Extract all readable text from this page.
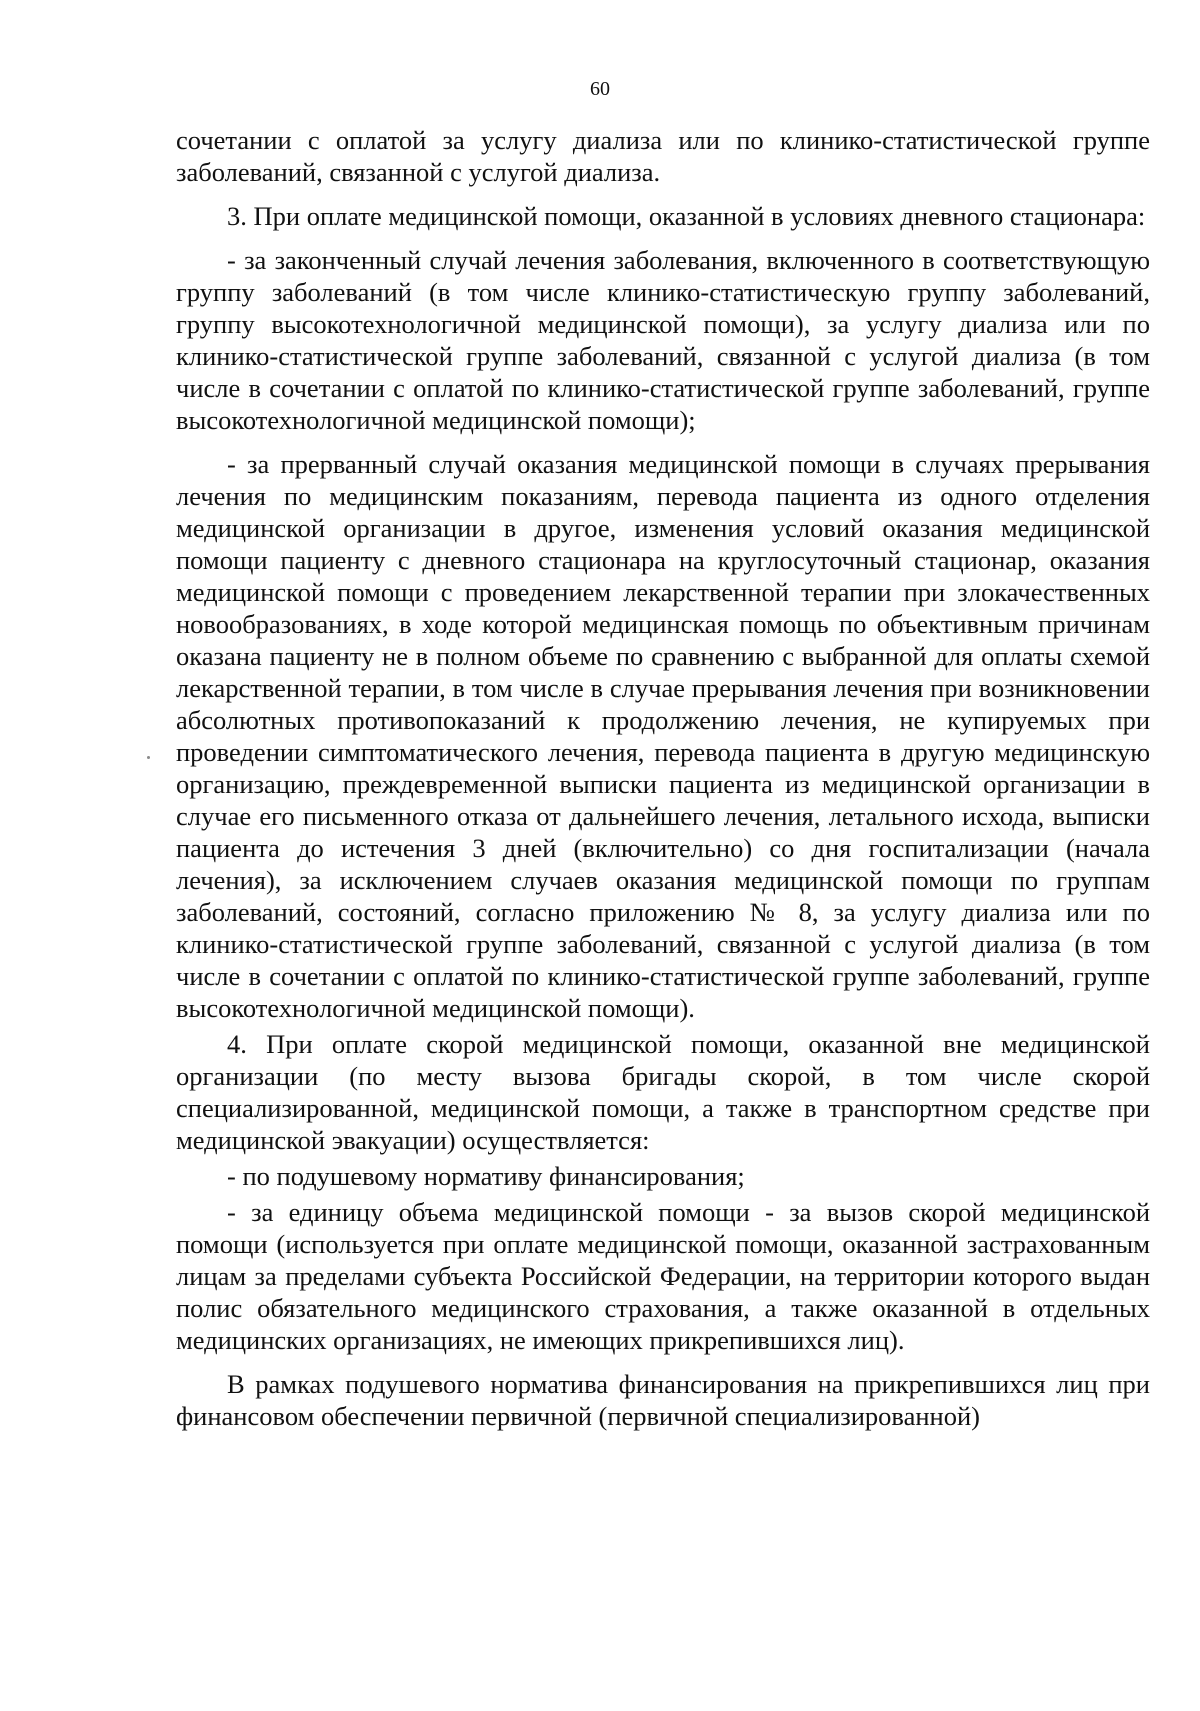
60

сочетании с оплатой за услугу диализа или по клинико-статистической группе заболеваний, связанной с услугой диализа.

3. При оплате медицинской помощи, оказанной в условиях дневного стационара:

- за законченный случай лечения заболевания, включенного в соответствующую группу заболеваний (в том числе клинико-статистическую группу заболеваний, группу высокотехнологичной медицинской помощи), за услугу диализа или по клинико-статистической группе заболеваний, связанной с услугой диализа (в том числе в сочетании с оплатой по клинико-статистической группе заболеваний, группе высокотехнологичной медицинской помощи);

- за прерванный случай оказания медицинской помощи в случаях прерывания лечения по медицинским показаниям, перевода пациента из одного отделения медицинской организации в другое, изменения условий оказания медицинской помощи пациенту с дневного стационара на круглосуточный стационар, оказания медицинской помощи с проведением лекарственной терапии при злокачественных новообразованиях, в ходе которой медицинская помощь по объективным причинам оказана пациенту не в полном объеме по сравнению с выбранной для оплаты схемой лекарственной терапии, в том числе в случае прерывания лечения при возникновении абсолютных противопоказаний к продолжению лечения, не купируемых при проведении симптоматического лечения, перевода пациента в другую медицинскую организацию, преждевременной выписки пациента из медицинской организации в случае его письменного отказа от дальнейшего лечения, летального исхода, выписки пациента до истечения 3 дней (включительно) со дня госпитализации (начала лечения), за исключением случаев оказания медицинской помощи по группам заболеваний, состояний, согласно приложению № 8, за услугу диализа или по клинико-статистической группе заболеваний, связанной с услугой диализа (в том числе в сочетании с оплатой по клинико-статистической группе заболеваний, группе высокотехнологичной медицинской помощи).

4. При оплате скорой медицинской помощи, оказанной вне медицинской организации (по месту вызова бригады скорой, в том числе скорой специализированной, медицинской помощи, а также в транспортном средстве при медицинской эвакуации) осуществляется:

- по подушевому нормативу финансирования;

- за единицу объема медицинской помощи - за вызов скорой медицинской помощи (используется при оплате медицинской помощи, оказанной застрахованным лицам за пределами субъекта Российской Федерации, на территории которого выдан полис обязательного медицинского страхования, а также оказанной в отдельных медицинских организациях, не имеющих прикрепившихся лиц).

В рамках подушевого норматива финансирования на прикрепившихся лиц при финансовом обеспечении первичной (первичной специализированной)
